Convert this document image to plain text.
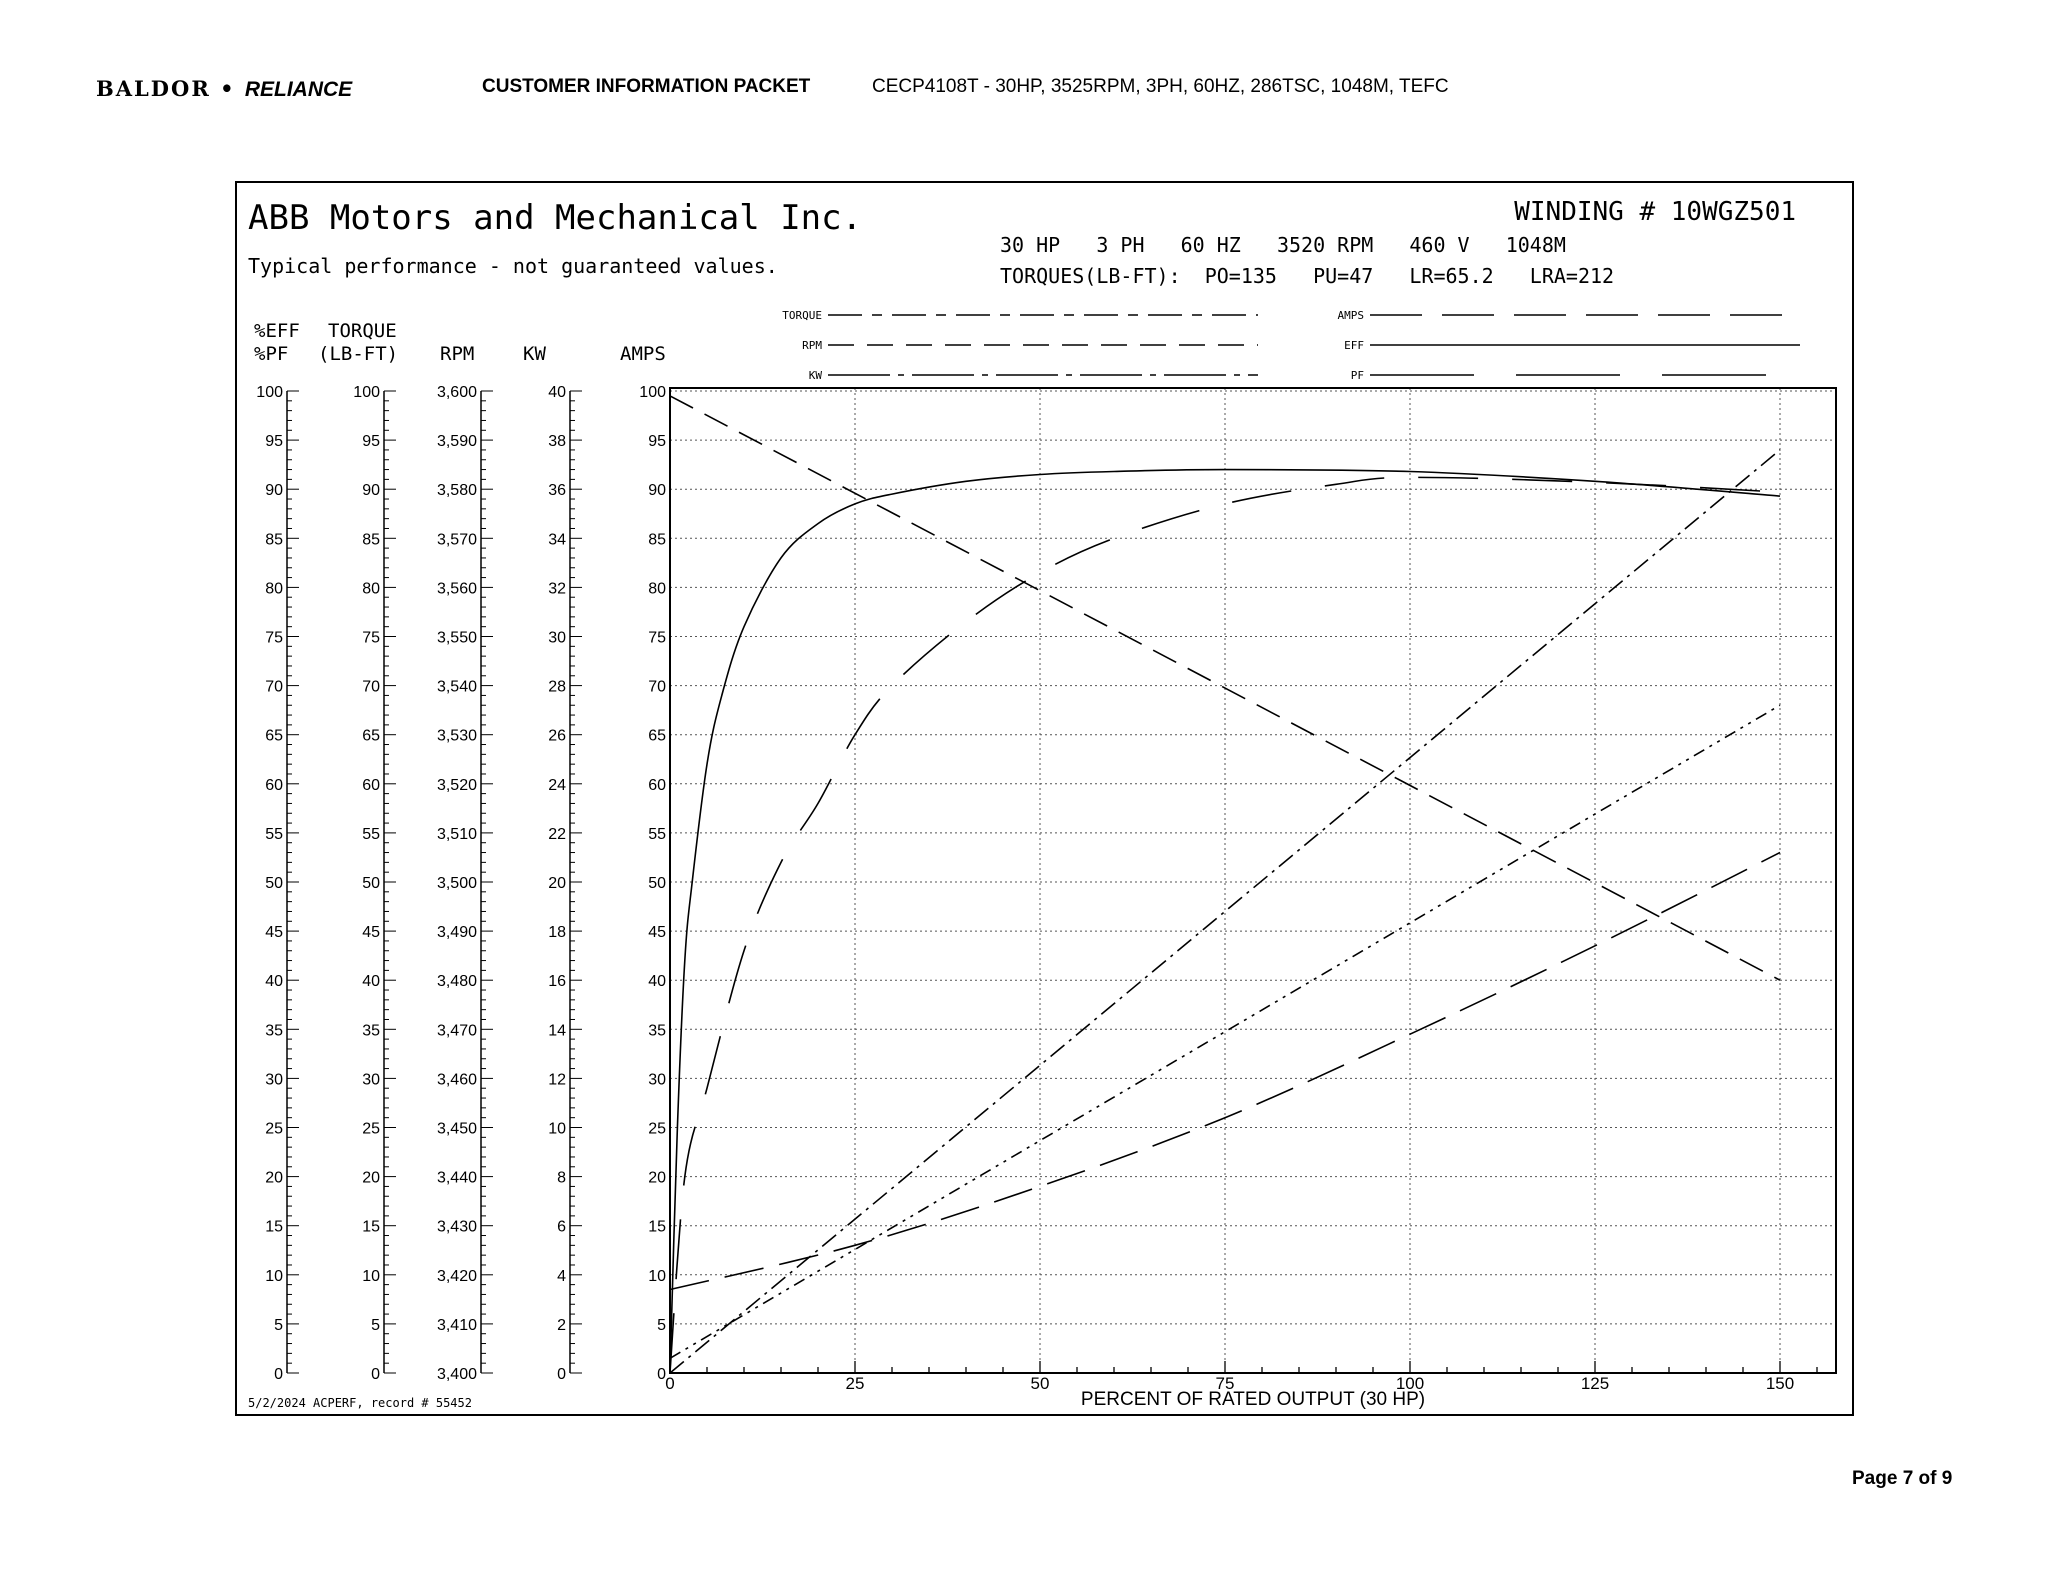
BALDOR • RELIANCE	CUSTOMER INFORMATION PACKET	CECP4108T - 30HP, 3525RPM, 3PH, 60HZ, 286TSC, 1048M, TEFC
ABB Motors and Mechanical Inc.
Typical performance - not guaranteed values.
WINDING # 10WGZ501
30 HP   3 PH   60 HZ   3520 RPM   460 V   1048M
TORQUES(LB-FT):  PO=135   PU=47   LR=65.2   LRA=212
5/2/2024 ACPERF, record # 55452
TORQUE
RPM
KW
AMPS
EFF
PF
0
5
10
15
20
25
30
35
40
45
50
55
60
65
70
75
80
85
90
95
100
%EFF
%PF
0
5
10
15
20
25
30
35
40
45
50
55
60
65
70
75
80
85
90
95
100
TORQUE
(LB-FT)
3,400
3,410
3,420
3,430
3,440
3,450
3,460
3,470
3,480
3,490
3,500
3,510
3,520
3,530
3,540
3,550
3,560
3,570
3,580
3,590
3,600
RPM
0
2
4
6
8
10
12
14
16
18
20
22
24
26
28
30
32
34
36
38
40
KW
0
5
10
15
20
25
30
35
40
45
50
55
60
65
70
75
80
85
90
95
100
AMPS
0	25	50	75	100	125	150
PERCENT OF RATED OUTPUT (30 HP)
Page 7 of 9
